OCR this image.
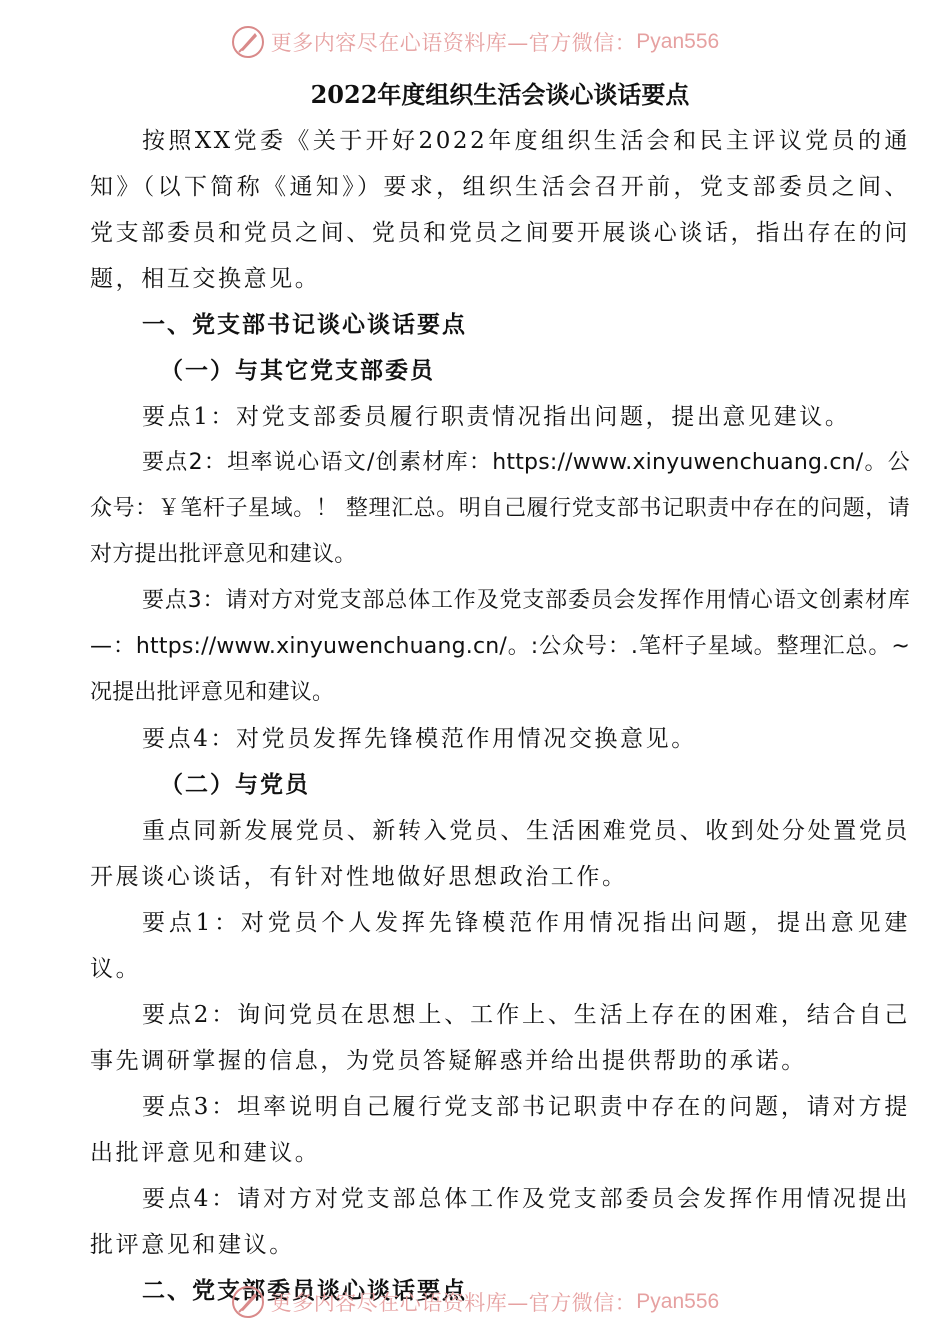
更多内容尽在心语资料库—官方微信： Pyan556

2022年度组织生活会谈心谈话要点

按照XX党委《关于开好2022年度组织生活会和民主评议党员的通知》（以下简称《通知》）要求，组织生活会召开前，党支部委员之间、党支部委员和党员之间、党员和党员之间要开展谈心谈话，指出存在的问题，相互交换意见。

一、党支部书记谈心谈话要点

（一）与其它党支部委员

要点1：对党支部委员履行职责情况指出问题，提出意见建议。

要点2：坦率说心语文/创素材库：https://www.xinyuwenchuang.cn/。公众号：￥笔杆子星域。！ 整理汇总。明自己履行党支部书记职责中存在的问题，请对方提出批评意见和建议。

要点3：请对方对党支部总体工作及党支部委员会发挥作用情心语文创素材库—：https://www.xinyuwenchuang.cn/。:公众号：.笔杆子星域。整理汇总。~况提出批评意见和建议。

要点4：对党员发挥先锋模范作用情况交换意见。

（二）与党员

重点同新发展党员、新转入党员、生活困难党员、收到处分处置党员开展谈心谈话，有针对性地做好思想政治工作。

要点1：对党员个人发挥先锋模范作用情况指出问题，提出意见建议。

要点2：询问党员在思想上、工作上、生活上存在的困难，结合自己事先调研掌握的信息，为党员答疑解惑并给出提供帮助的承诺。

要点3：坦率说明自己履行党支部书记职责中存在的问题，请对方提出批评意见和建议。

要点4：请对方对党支部总体工作及党支部委员会发挥作用情况提出批评意见和建议。

二、党支部委员谈心谈话要点

更多内容尽在心语资料库—官方微信： Pyan556
